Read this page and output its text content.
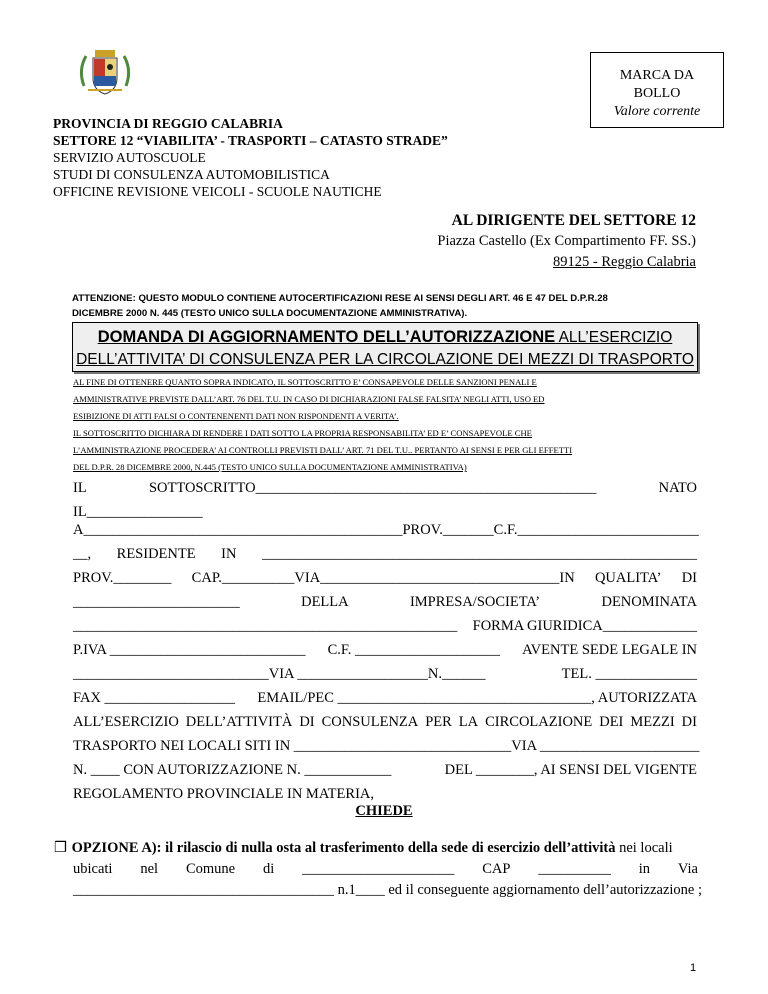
MARCA DA
BOLLO
Valore corrente
PROVINCIA DI REGGIO CALABRIA
SETTORE 12 “VIABILITA’ - TRASPORTI – CATASTO STRADE”
SERVIZIO AUTOSCUOLE
STUDI DI CONSULENZA AUTOMOBILISTICA
OFFICINE REVISIONE VEICOLI - SCUOLE NAUTICHE
AL DIRIGENTE DEL SETTORE 12
Piazza Castello (Ex Compartimento FF. SS.)
89125 - Reggio Calabria
ATTENZIONE: QUESTO MODULO CONTIENE AUTOCERTIFICAZIONI RESE AI SENSI DEGLI ART. 46 E 47 DEL D.P.R.28
DICEMBRE 2000 N. 445 (TESTO UNICO SULLA DOCUMENTAZIONE AMMINISTRATIVA).
DOMANDA DI AGGIORNAMENTO DELL’AUTORIZZAZIONE ALL’ESERCIZIO
DELL’ATTIVITA’ DI CONSULENZA PER LA CIRCOLAZIONE DEI MEZZI DI TRASPORTO
AL FINE DI OTTENERE QUANTO SOPRA INDICATO, IL SOTTOSCRITTO E’ CONSAPEVOLE DELLE SANZIONI PENALI E
AMMINISTRATIVE PREVISTE DALL’ART. 76 DEL T.U. IN CASO DI DICHIARAZIONI FALSE FALSITA’ NEGLI ATTI, USO ED
ESIBIZIONE DI ATTI FALSI O CONTENENENTI DATI NON RISPONDENTI A VERITA’.
IL SOTTOSCRITTO DICHIARA DI RENDERE I DATI SOTTO LA PROPRIA RESPONSABILITA’ ED E’ CONSAPEVOLE CHE
L’AMMINISTRAZIONE PROCEDERA’ AI CONTROLLI PREVISTI DALL’ ART. 71 DEL T.U.. PERTANTO AI SENSI E PER GLI EFFETTI
DEL D.P.R. 28 DICEMBRE 2000, N.445 (TESTO UNICO SULLA DOCUMENTAZIONE AMMINISTRATIVA)
IL	SOTTOSCRITTO_______________________________________________	NATO
IL________________
A____________________________________________PROV._______C.F._________________________
__, RESIDENTE IN ____________________________________________________________
PROV.________ CAP.__________VIA_________________________________IN QUALITA’ DI
_______________________	DELLA	IMPRESA/SOCIETA’	DENOMINATA
_____________________________________________________ FORMA GIURIDICA_____________
P.IVA ___________________________ C.F. ____________________ AVENTE SEDE LEGALE IN
___________________________VIA __________________N.______	TEL. ______________
FAX __________________ EMAIL/PEC ___________________________________, AUTORIZZATA
ALL’ESERCIZIO DELL’ATTIVITÀ DI CONSULENZA PER LA CIRCOLAZIONE DEI MEZZI DI
TRASPORTO NEI LOCALI SITI IN ______________________________ VIA ______________________
N. ____ CON AUTORIZZAZIONE N. ____________	DEL ________, AI SENSI DEL VIGENTE
REGOLAMENTO PROVINCIALE IN MATERIA,
CHIEDE
❒ OPZIONE A): il rilascio di nulla osta al trasferimento della sede di esercizio dell’attività nei locali
ubicati nel Comune di _____________________ CAP __________ in Via
____________________________________ n.1____ ed il conseguente aggiornamento dell’autorizzazione ;
1
